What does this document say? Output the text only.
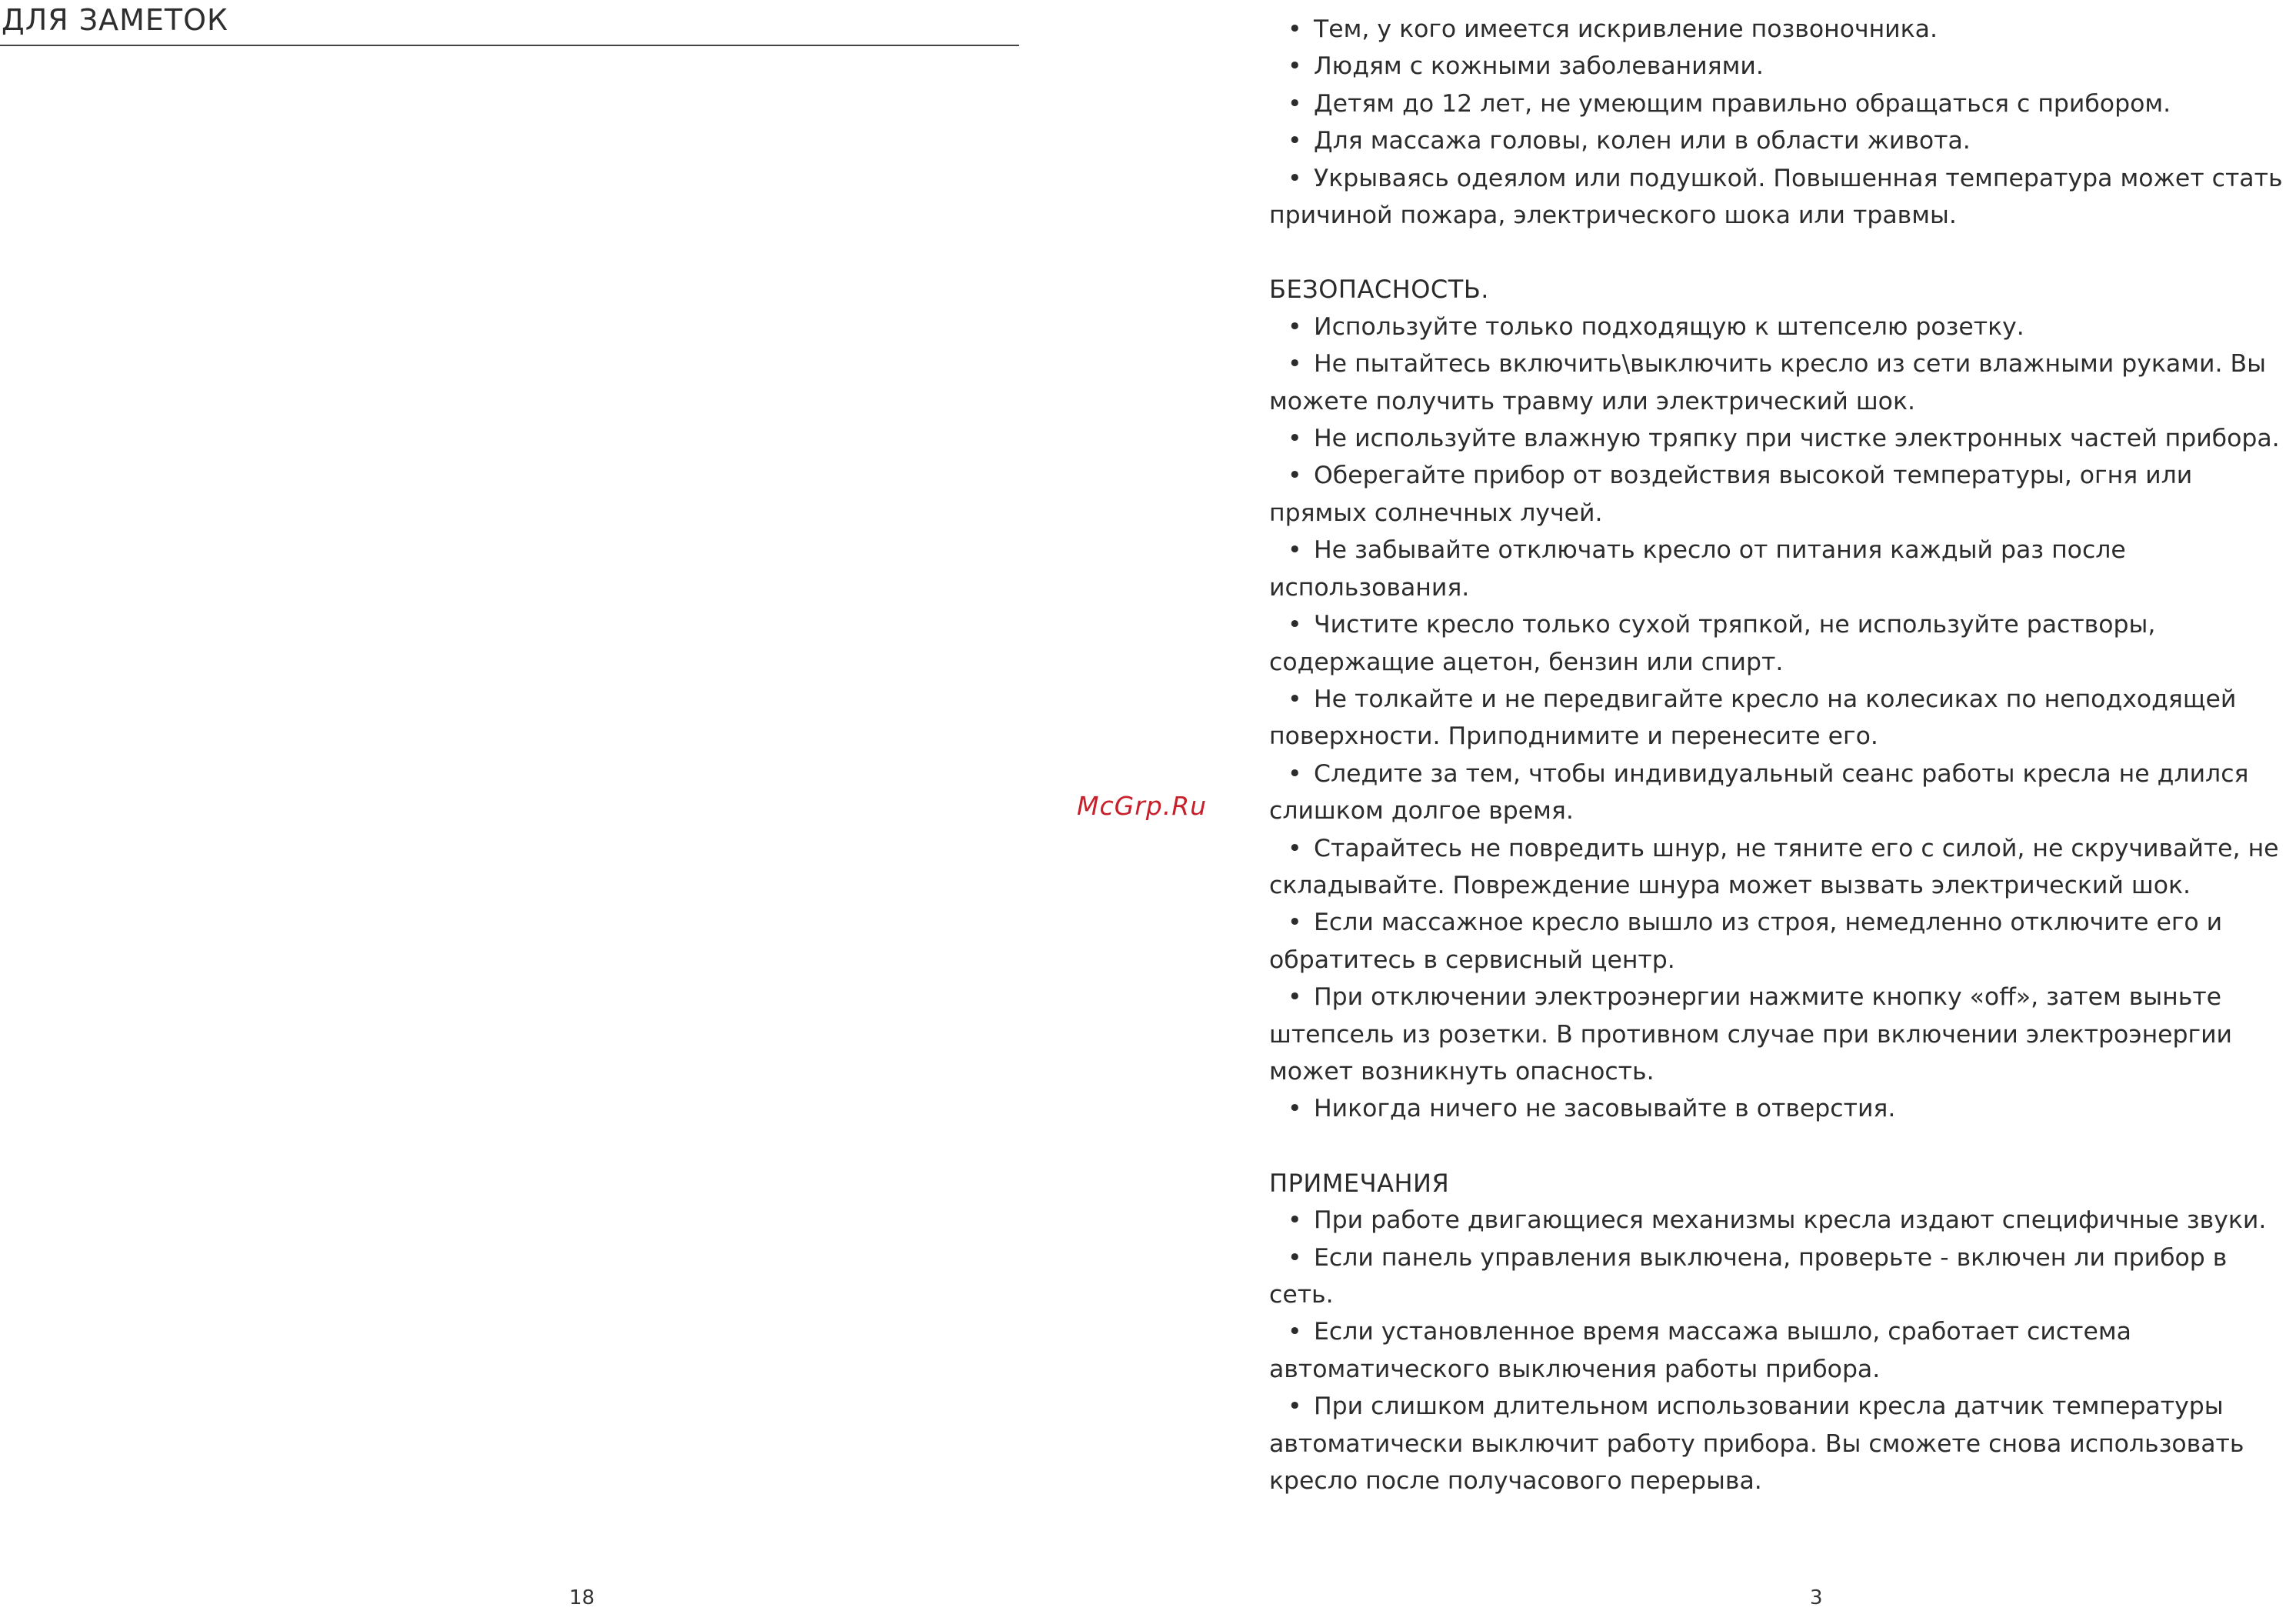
ДЛЯ ЗАМЕТОК
18
McGrp.Ru

• Тем, у кого имеется искривление позвоночника.

• Людям с кожными заболеваниями.

• Детям до 12 лет, не умеющим правильно обращаться с прибором.

• Для массажа головы, колен или в области живота.

• Укрываясь одеялом или подушкой. Повышенная температура может стать причиной пожара, электрического шока или травмы.

БЕЗОПАСНОСТЬ.

• Используйте только подходящую к штепселю розетку.

• Не пытайтесь включить\выключить кресло из сети влажными руками. Вы можете получить травму или электрический шок.

• Не используйте влажную тряпку при чистке электронных частей прибора.

• Оберегайте прибор от воздействия высокой температуры, огня или прямых солнечных лучей.

• Не забывайте отключать кресло от питания каждый раз после использования.

• Чистите кресло только сухой тряпкой, не используйте растворы, содержащие ацетон, бензин или спирт.

• Не толкайте и не передвигайте кресло на колесиках по неподходящей поверхности. Приподнимите и перенесите его.

• Следите за тем, чтобы индивидуальный сеанс работы кресла не длился слишком долгое время.

• Старайтесь не повредить шнур, не тяните его с силой, не скручивайте, не складывайте. Повреждение шнура может вызвать электрический шок.

• Если массажное кресло вышло из строя, немедленно отключите его и обратитесь в сервисный центр.

• При отключении электроэнергии нажмите кнопку «off», затем выньте штепсель из розетки. В противном случае при включении электроэнергии может возникнуть опасность.

• Никогда ничего не засовывайте в отверстия.

ПРИМЕЧАНИЯ

• При работе двигающиеся механизмы кресла издают специфичные звуки.

• Если панель управления выключена, проверьте - включен ли прибор в сеть.

• Если установленное время массажа вышло, сработает система автоматического выключения работы прибора.

• При слишком длительном использовании кресла датчик температуры автоматически выключит работу прибора. Вы сможете снова использовать кресло после получасового перерыва.

3
